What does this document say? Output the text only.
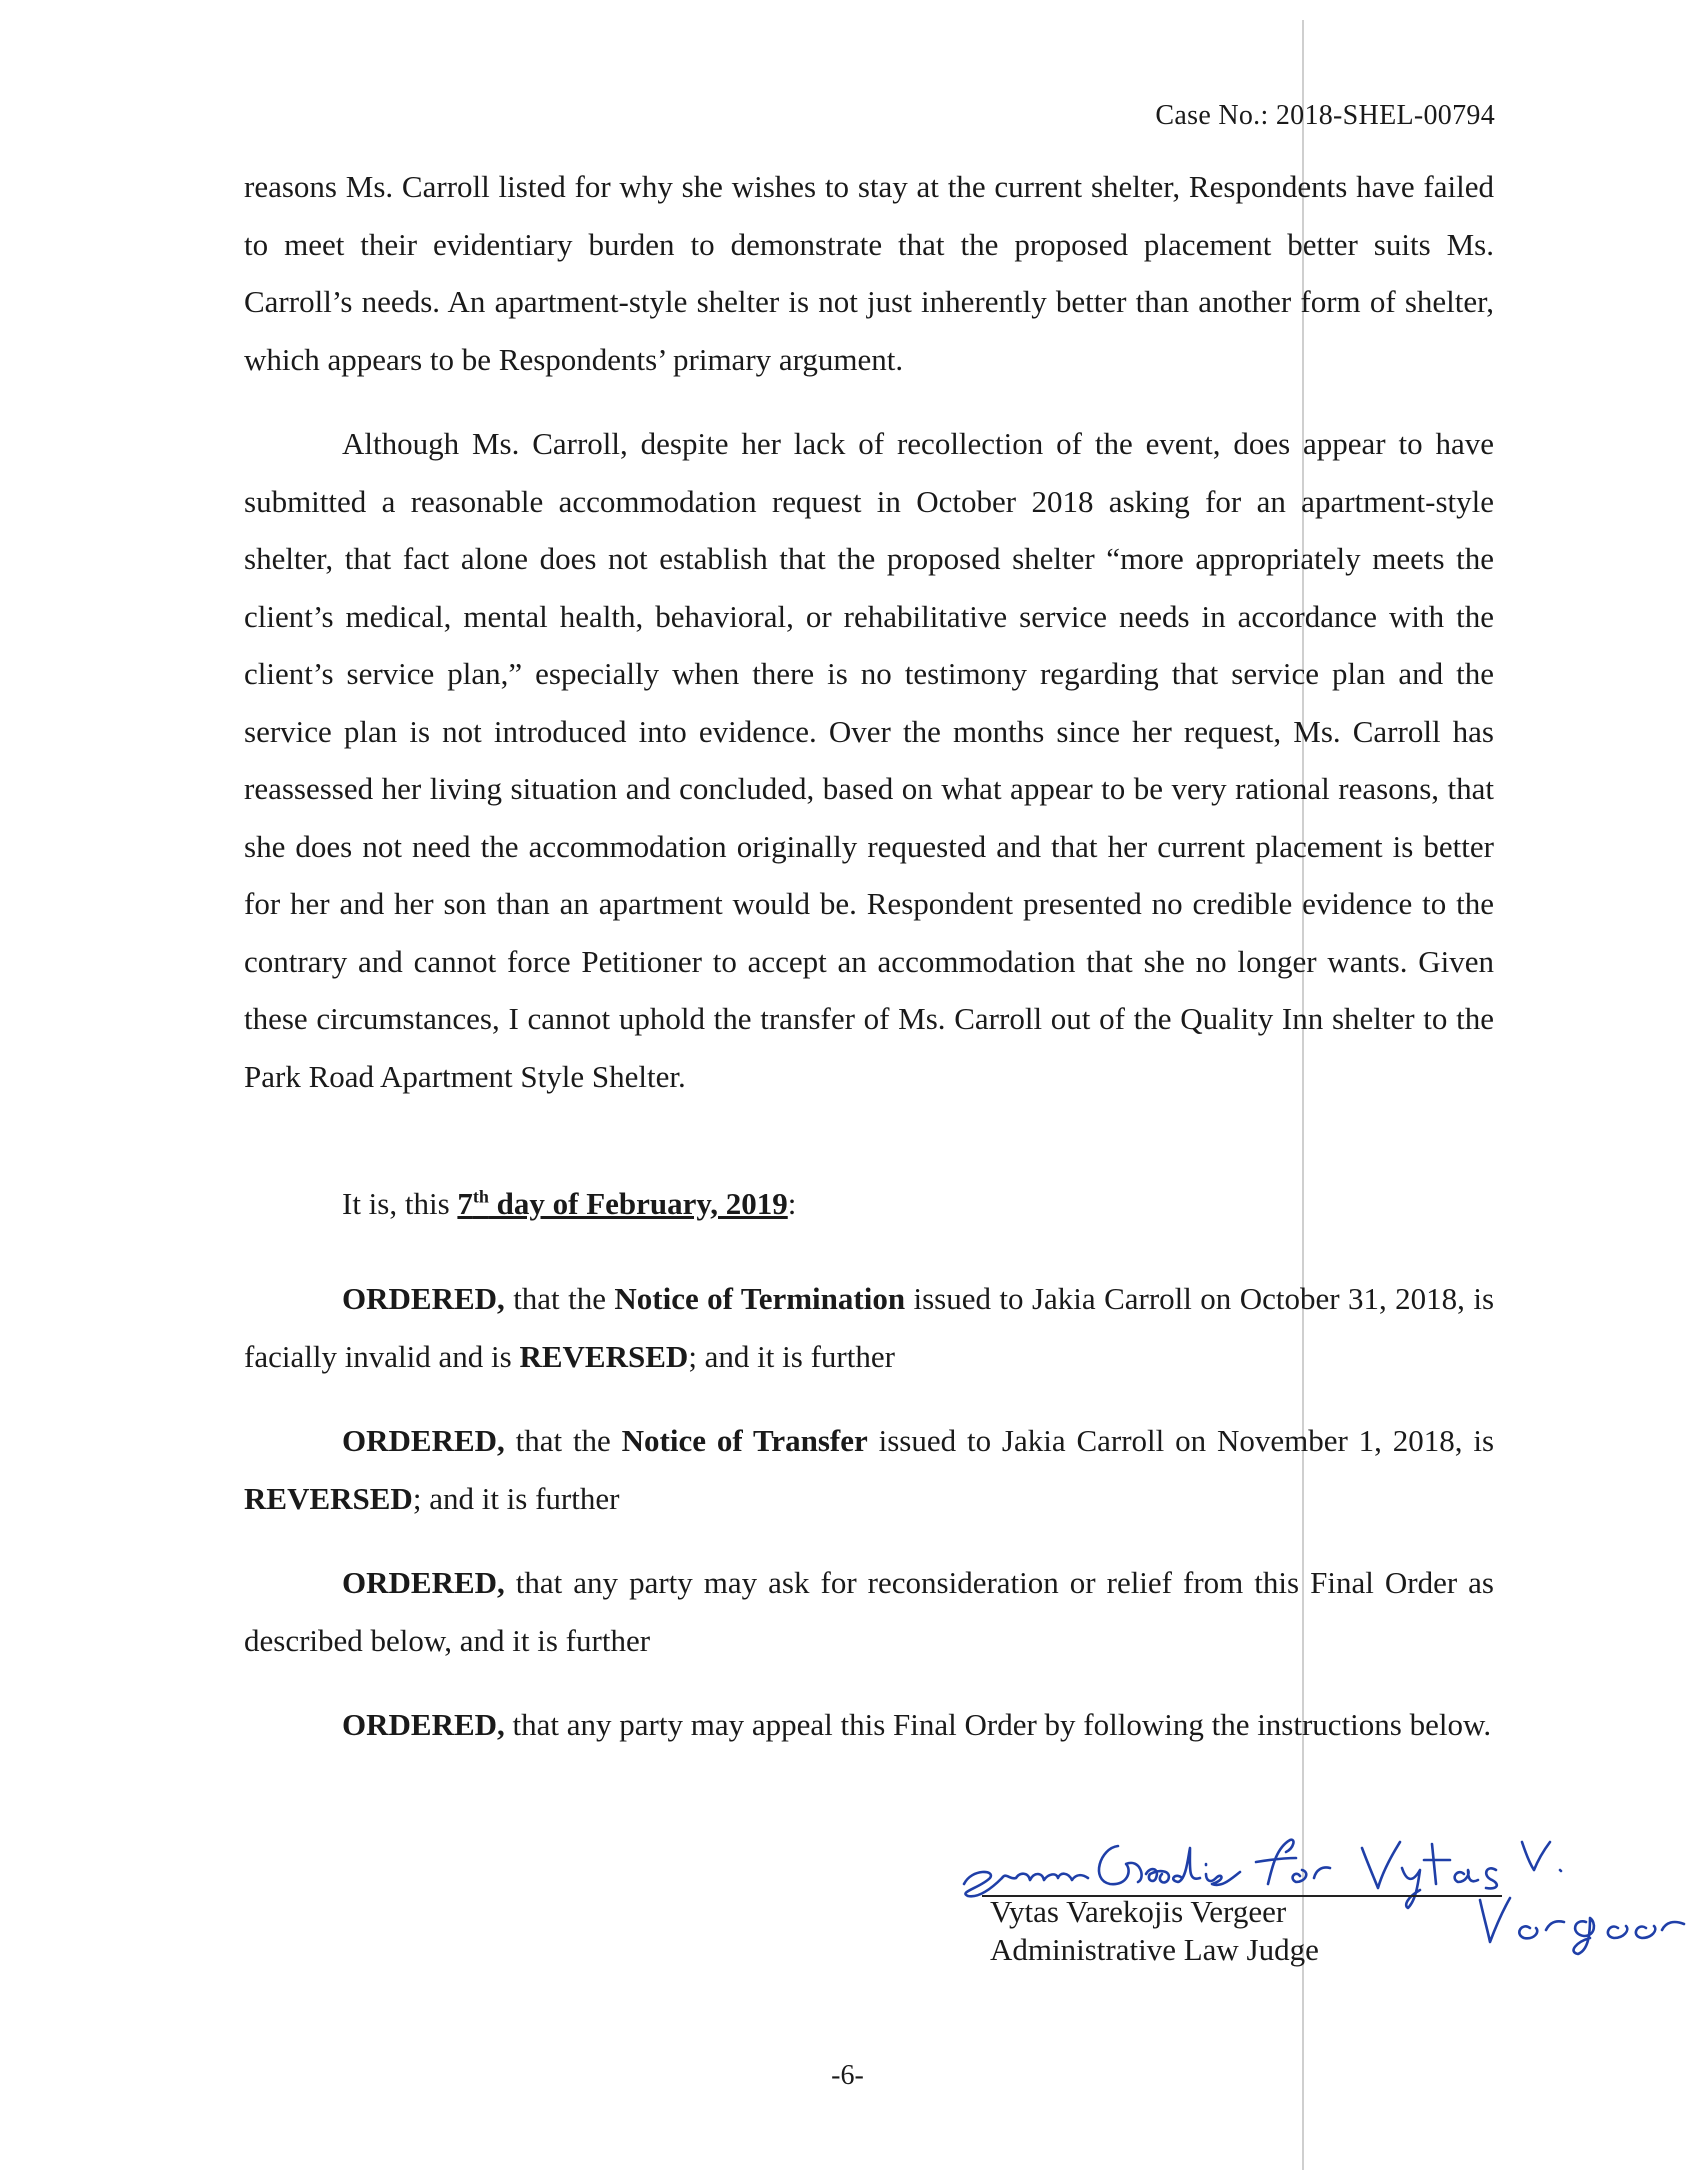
Case No.: 2018-SHEL-00794

reasons Ms. Carroll listed for why she wishes to stay at the current shelter, Respondents have failed to meet their evidentiary burden to demonstrate that the proposed placement better suits Ms. Carroll’s needs. An apartment-style shelter is not just inherently better than another form of shelter, which appears to be Respondents’ primary argument.

Although Ms. Carroll, despite her lack of recollection of the event, does appear to have submitted a reasonable accommodation request in October 2018 asking for an apartment-style shelter, that fact alone does not establish that the proposed shelter “more appropriately meets the client’s medical, mental health, behavioral, or rehabilitative service needs in accordance with the client’s service plan,” especially when there is no testimony regarding that service plan and the service plan is not introduced into evidence. Over the months since her request, Ms. Carroll has reassessed her living situation and concluded, based on what appear to be very rational reasons, that she does not need the accommodation originally requested and that her current placement is better for her and her son than an apartment would be. Respondent presented no credible evidence to the contrary and cannot force Petitioner to accept an accommodation that she no longer wants. Given these circumstances, I cannot uphold the transfer of Ms. Carroll out of the Quality Inn shelter to the Park Road Apartment Style Shelter.

It is, this 7th day of February, 2019:

ORDERED, that the Notice of Termination issued to Jakia Carroll on October 31, 2018, is facially invalid and is REVERSED; and it is further

ORDERED, that the Notice of Transfer issued to Jakia Carroll on November 1, 2018, is REVERSED; and it is further

ORDERED, that any party may ask for reconsideration or relief from this Final Order as described below, and it is further

ORDERED, that any party may appeal this Final Order by following the instructions below.

Vytas Varekojis Vergeer
Administrative Law Judge
-6-
